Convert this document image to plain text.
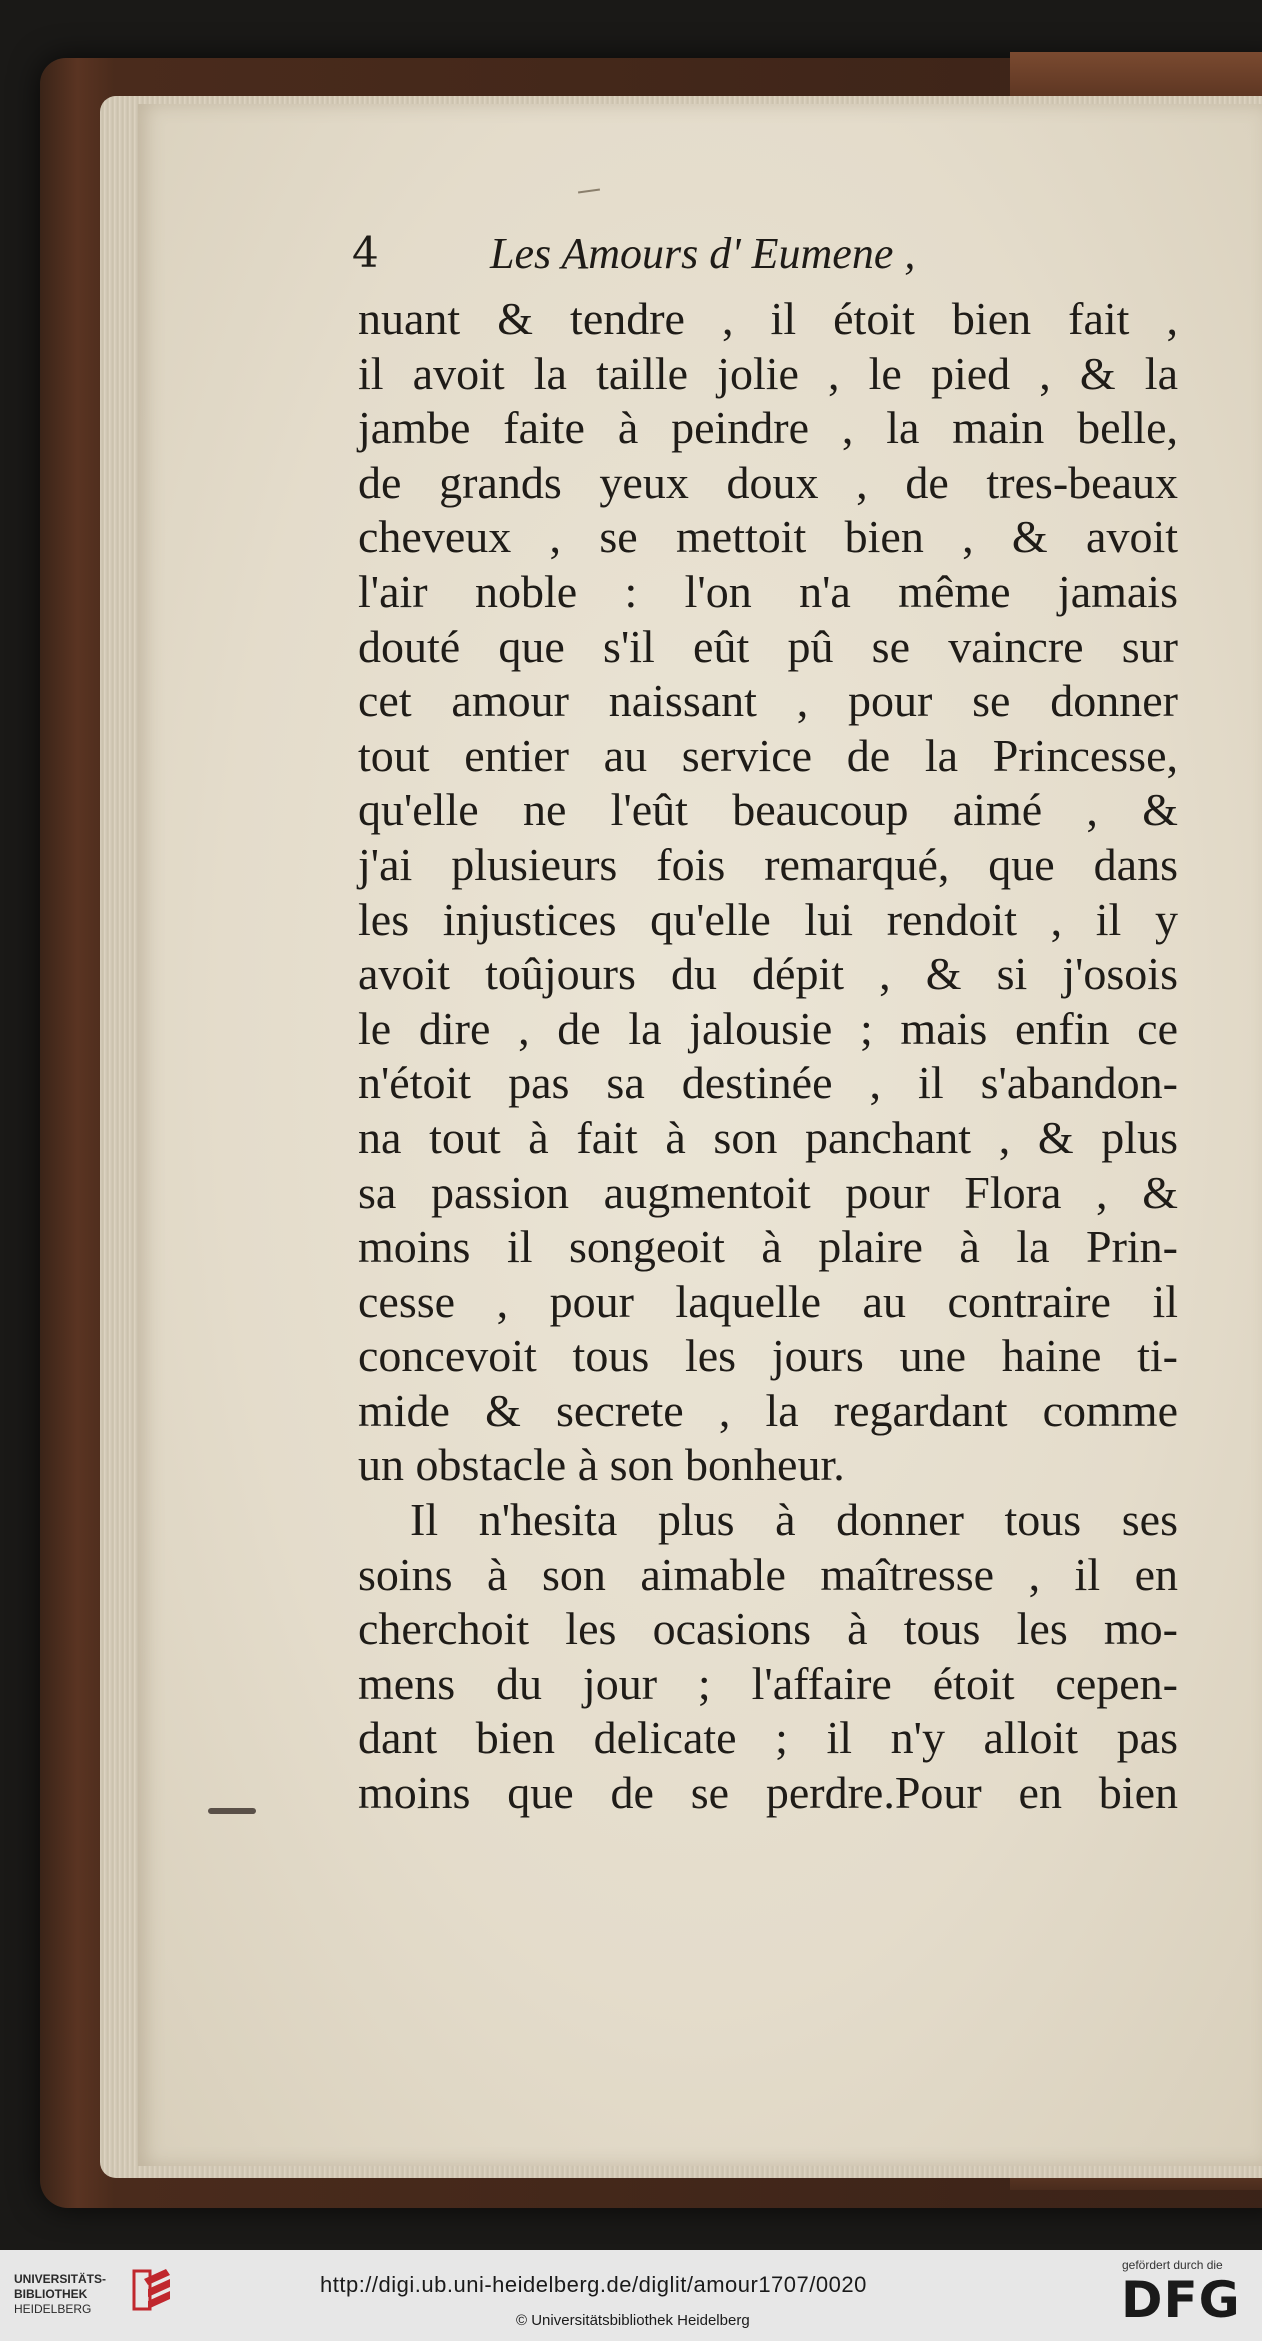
4	Les Amours d' Eumene ,
nuant & tendre , il étoit bien fait ,
il avoit la taille jolie , le pied , & la
jambe faite à peindre , la main belle,
de grands yeux doux , de tres-beaux
cheveux , se mettoit bien , & avoit
l'air noble : l'on n'a même jamais
douté que s'il eût pû se vaincre sur
cet amour naissant , pour se donner
tout entier au service de la Princesse,
qu'elle ne l'eût beaucoup aimé , &
j'ai plusieurs fois remarqué, que dans
les injustices qu'elle lui rendoit , il y
avoit toûjours du dépit , & si j'osois
le dire , de la jalousie ; mais enfin ce
n'étoit pas sa destinée , il s'abandon-
na tout à fait à son panchant , & plus
sa passion augmentoit pour Flora , &
moins il songeoit à plaire à la Prin-
cesse , pour laquelle au contraire il
concevoit tous les jours une haine ti-
mide & secrete , la regardant comme
un obstacle à son bonheur.
Il n'hesita plus à donner tous ses
soins à son aimable maîtresse , il en
cherchoit les ocasions à tous les mo-
mens du jour ; l'affaire étoit cepen-
dant bien delicate ; il n'y alloit pas
moins que de se perdre.Pour en bien
UNIVERSITÄTS-
BIBLIOTHEK
HEIDELBERG
http://digi.ub.uni-heidelberg.de/diglit/amour1707/0020
© Universitätsbibliothek Heidelberg
gefördert durch die
DFG
